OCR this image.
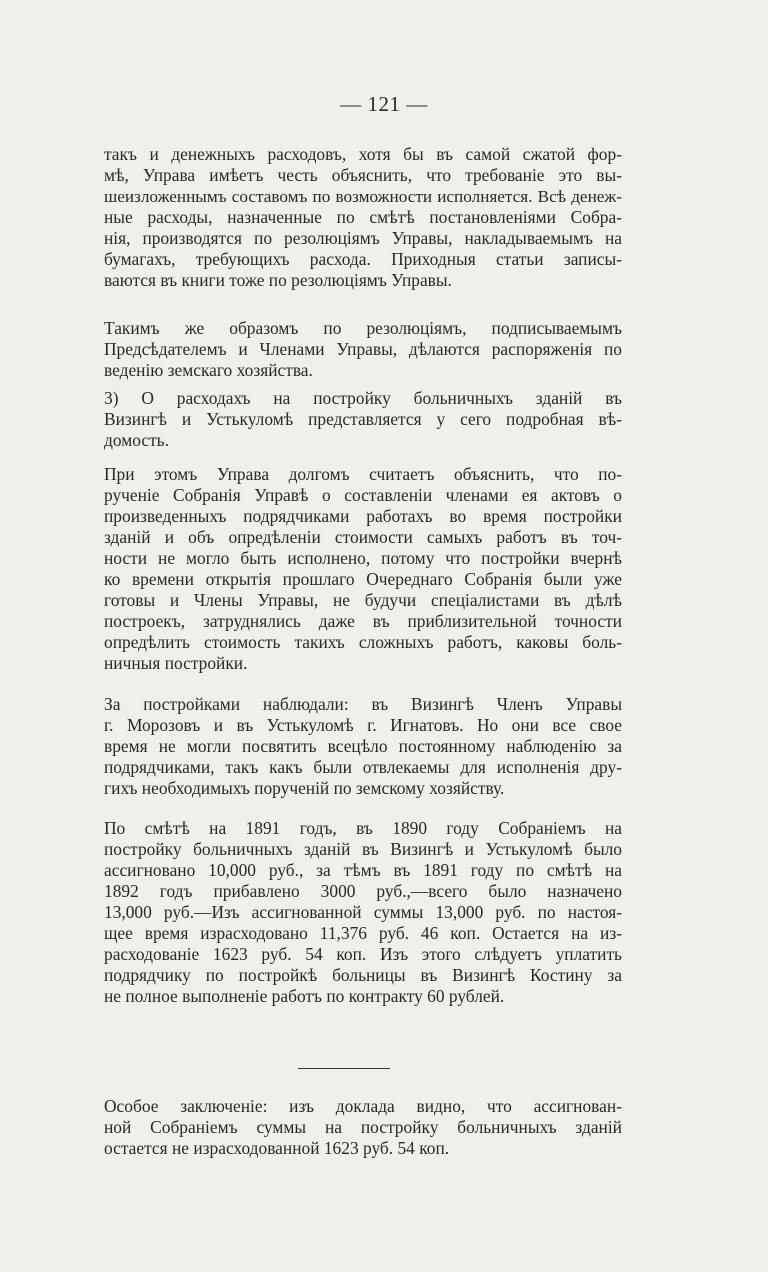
— 121 —
такъ и денежныхъ расходовъ, хотя бы въ самой сжатой фор-
мѣ, Управа имѣетъ честь объяснить, что требованіе это вы-
шеизложеннымъ составомъ по возможности исполняется. Всѣ денеж-
ные расходы, назначенные по смѣтѣ постановленіями Собра-
нія, производятся по резолюціямъ Управы, накладываемымъ на
бумагахъ, требующихъ расхода. Приходныя статьи записы-
ваются въ книги тоже по резолюціямъ Управы.
Такимъ же образомъ по резолюціямъ, подписываемымъ
Предсѣдателемъ и Членами Управы, дѣлаются распоряженія по
веденію земскаго хозяйства.
3) О расходахъ на постройку больничныхъ зданій въ
Визингѣ и Устькуломѣ представляется у сего подробная вѣ-
домость.
При этомъ Управа долгомъ считаетъ объяснить, что по-
рученіе Собранія Управѣ о составленіи членами ея актовъ о
произведенныхъ подрядчиками работахъ во время постройки
зданій и объ опредѣленіи стоимости самыхъ работъ въ точ-
ности не могло быть исполнено, потому что постройки вчернѣ
ко времени открытія прошлаго Очереднаго Собранія были уже
готовы и Члены Управы, не будучи спеціалистами въ дѣлѣ
построекъ, затруднялись даже въ приблизительной точности
опредѣлить стоимость такихъ сложныхъ работъ, каковы боль-
ничныя постройки.
За постройками наблюдали: въ Визингѣ Членъ Управы
г. Морозовъ и въ Устькуломѣ г. Игнатовъ. Но они все свое
время не могли посвятить всецѣло постоянному наблюденію за
подрядчиками, такъ какъ были отвлекаемы для исполненія дру-
гихъ необходимыхъ порученій по земскому хозяйству.
По смѣтѣ на 1891 годъ, въ 1890 году Собраніемъ на
постройку больничныхъ зданій въ Визингѣ и Устькуломѣ было
ассигновано 10,000 руб., за тѣмъ въ 1891 году по смѣтѣ на
1892 годъ прибавлено 3000 руб.,—всего было назначено
13,000 руб.—Изъ ассигнованной суммы 13,000 руб. по настоя-
щее время израсходовано 11,376 руб. 46 коп. Остается на из-
расходованіе 1623 руб. 54 коп. Изъ этого слѣдуетъ уплатить
подрядчику по постройкѣ больницы въ Визингѣ Костину за
не полное выполненіе работъ по контракту 60 рублей.
Особое заключеніе: изъ доклада видно, что ассигнован-
ной Собраніемъ суммы на постройку больничныхъ зданій
остается не израсходованной 1623 руб. 54 коп.
